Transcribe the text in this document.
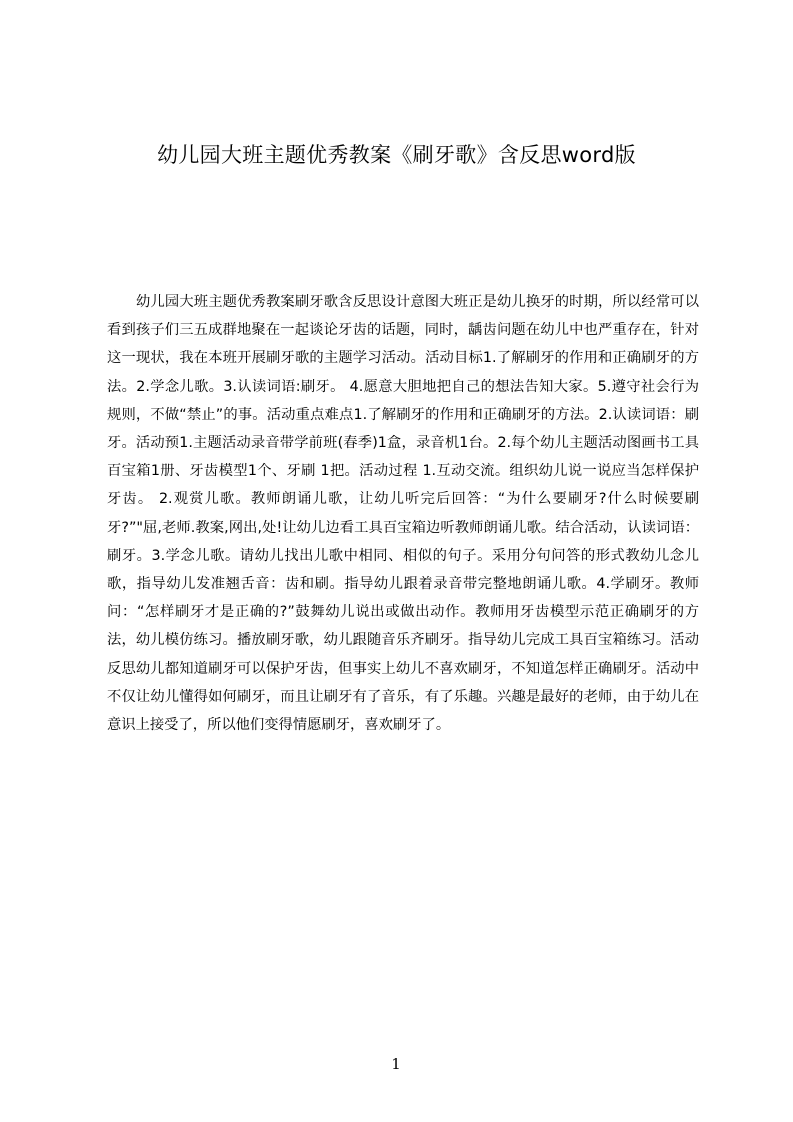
幼儿园大班主题优秀教案《刷牙歌》含反思word版

幼儿园大班主题优秀教案刷牙歌含反思设计意图大班正是幼儿换牙的时期，所以经常可以看到孩子们三五成群地聚在一起谈论牙齿的话题，同时，龋齿问题在幼儿中也严重存在，针对这一现状，我在本班开展刷牙歌的主题学习活动。活动目标1.了解刷牙的作用和正确刷牙的方法。2.学念儿歌。3.认读词语:刷牙。 4.愿意大胆地把自己的想法告知大家。5.遵守社会行为规则，不做“禁止”的事。活动重点难点1.了解刷牙的作用和正确刷牙的方法。2.认读词语：刷牙。活动预1.主题活动录音带学前班(春季)1盒，录音机1台。2.每个幼儿主题活动图画书工具百宝箱1册、牙齿模型1个、牙刷 1把。活动过程 1.互动交流。组织幼儿说一说应当怎样保护牙齿。 2.观赏儿歌。教师朗诵儿歌，让幼儿听完后回答：“为什么要刷牙?什么时候要刷牙?”"屈,老师.教案,网出,处!让幼儿边看工具百宝箱边听教师朗诵儿歌。结合活动，认读词语：刷牙。3.学念儿歌。请幼儿找出儿歌中相同、相似的句子。采用分句问答的形式教幼儿念儿歌，指导幼儿发准翘舌音：齿和刷。指导幼儿跟着录音带完整地朗诵儿歌。4.学刷牙。教师问：“怎样刷牙才是正确的?”鼓舞幼儿说出或做出动作。教师用牙齿模型示范正确刷牙的方法，幼儿模仿练习。播放刷牙歌，幼儿跟随音乐齐刷牙。指导幼儿完成工具百宝箱练习。活动反思幼儿都知道刷牙可以保护牙齿，但事实上幼儿不喜欢刷牙，不知道怎样正确刷牙。活动中不仅让幼儿懂得如何刷牙，而且让刷牙有了音乐，有了乐趣。兴趣是最好的老师，由于幼儿在意识上接受了，所以他们变得情愿刷牙，喜欢刷牙了。

1
